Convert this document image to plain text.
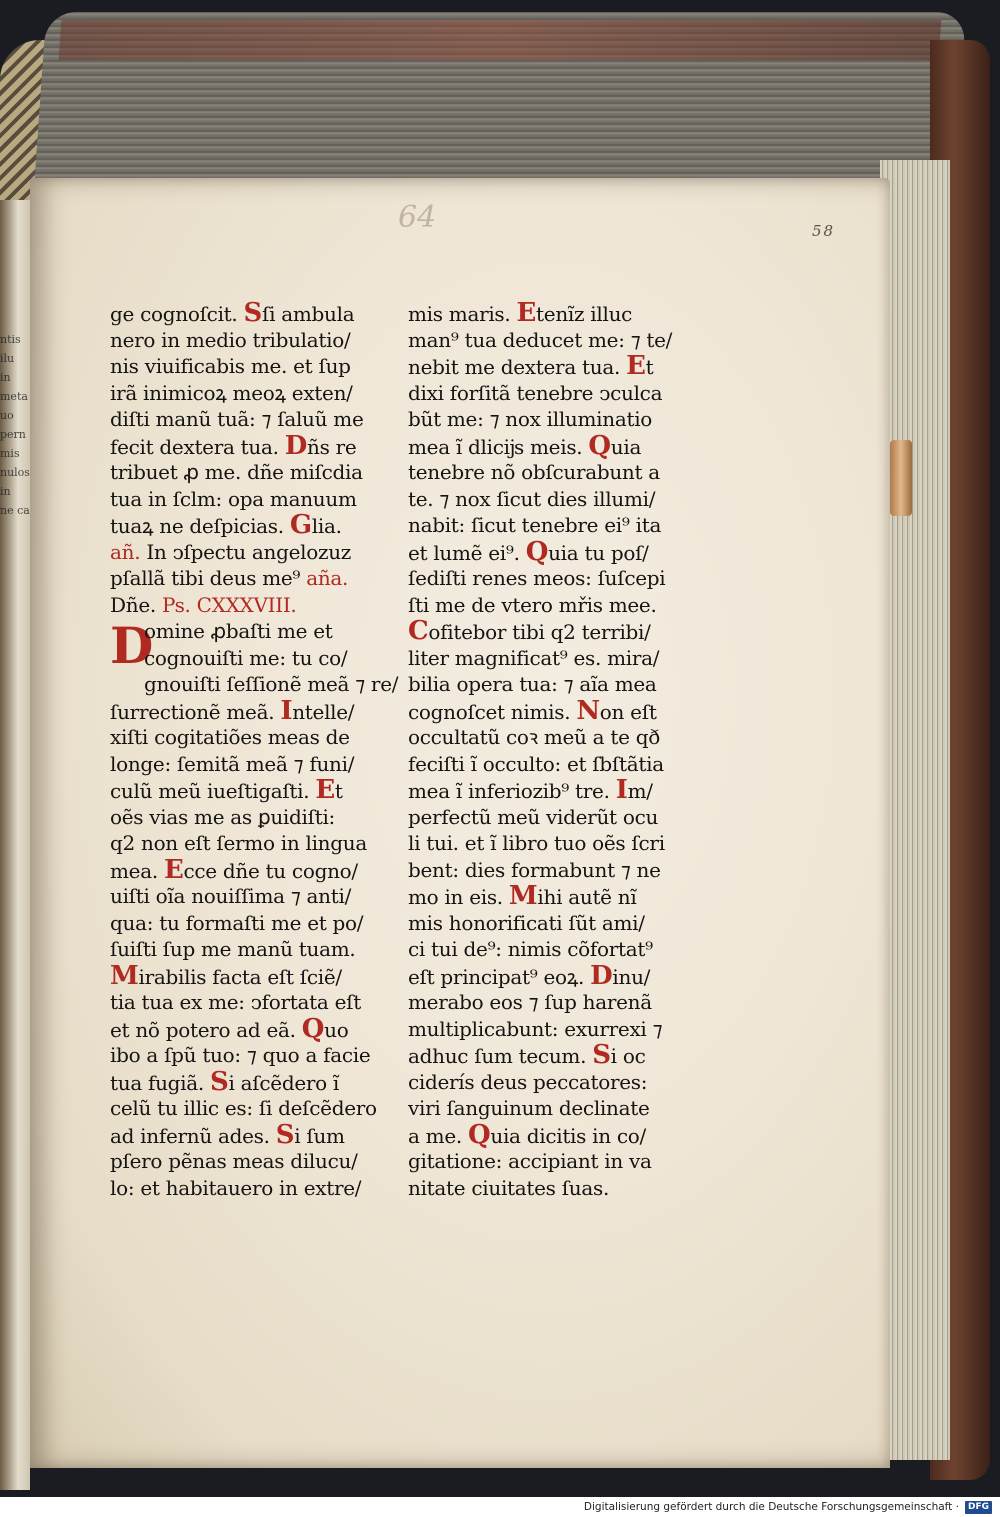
ntis
ilu
in
meta
uo
pern
mis
nulos
in
ne ca
64	58
ge cognoſcit. Sſi ambula
nero in medio tribulatio/
nis viuificabis me. et ſup
irã inimicoꝝ meoꝝ exten/
diſti manũ tuã: ⁊ ſaluũ me
fecit dextera tua. Dñs re
tribuet ꝓ me. dñe miſcdia
tua in ſclm: opa manuum
tuaꝝ ne deſpicias. Glia.
añ. In ↄſpectu angelozuz
pſallã tibi deus me⁹ aña.
Dñe. Ps. CXXXVIII.
D
omine ꝓbaſti me et
cognouiſti me: tu co/
gnouiſti ſeſſionẽ meã ⁊ re/
ſurrectionẽ meã. Intelle/
xiſti cogitatiões meas de
longe: ſemitã meã ⁊ funi/
culũ meũ iueſtigaſti. Et
oẽs vias me as ꝑuidiſti:
q2 non eſt ſermo in lingua
mea. Ecce dñe tu cogno/
uiſti oĩa nouiſſima ⁊ anti/
qua: tu formaſti me et po/
ſuiſti ſup me manũ tuam.
Mirabilis facta eſt ſciẽ/
tia tua ex me: ↄfortata eſt
et nõ potero ad eã. Quo
ibo a ſpũ tuo: ⁊ quo a facie
tua fugiã. Si aſcẽdero ĩ
celũ tu illic es: ſi deſcẽdero
ad infernũ ades. Si ſum
pſero pẽnas meas dilucu/
lo: et habitauero in extre/
mis maris. Etenĩz illuc
man⁹ tua deducet me: ⁊ te/
nebit me dextera tua. Et
dixi forſitã tenebre ↄculca
bũt me: ⁊ nox illuminatio
mea ĩ dlicĳs meis. Quia
tenebre nõ obſcurabunt a
te. ⁊ nox ſicut dies illumi/
nabit: ſicut tenebre ei⁹ ita
et lumẽ ei⁹. Quia tu poſ/
ſediſti renes meos: ſuſcepi
ſti me de vtero mřis mee.
Cofitebor tibi q2 terribi/
liter magnificat⁹ es. mira/
bilia opera tua: ⁊ aĩa mea
cognoſcet nimis. Non eſt
occultatũ coꝛ meũ a te qð
feciſti ĩ occulto: et ſbſtãtia
mea ĩ inferiozib⁹ tre. Im/
perfectũ meũ viderũt ocu
li tui. et ĩ libro tuo oẽs ſcri
bent: dies formabunt ⁊ ne
mo in eis. Mihi autẽ nĩ
mis honorificati ſũt ami/
ci tui de⁹: nimis cõfortat⁹
eſt principat⁹ eoꝝ. Dinu/
merabo eos ⁊ ſup harenã
multiplicabunt: exurrexi ⁊
adhuc ſum tecum. Si oc
ciderís deus peccatores:
viri ſanguinum declinate
a me. Quia dicitis in co/
gitatione: accipiant in va
nitate ciuitates ſuas.
Digitalisierung gefördert durch die Deutsche Forschungsgemeinschaft · DFG
